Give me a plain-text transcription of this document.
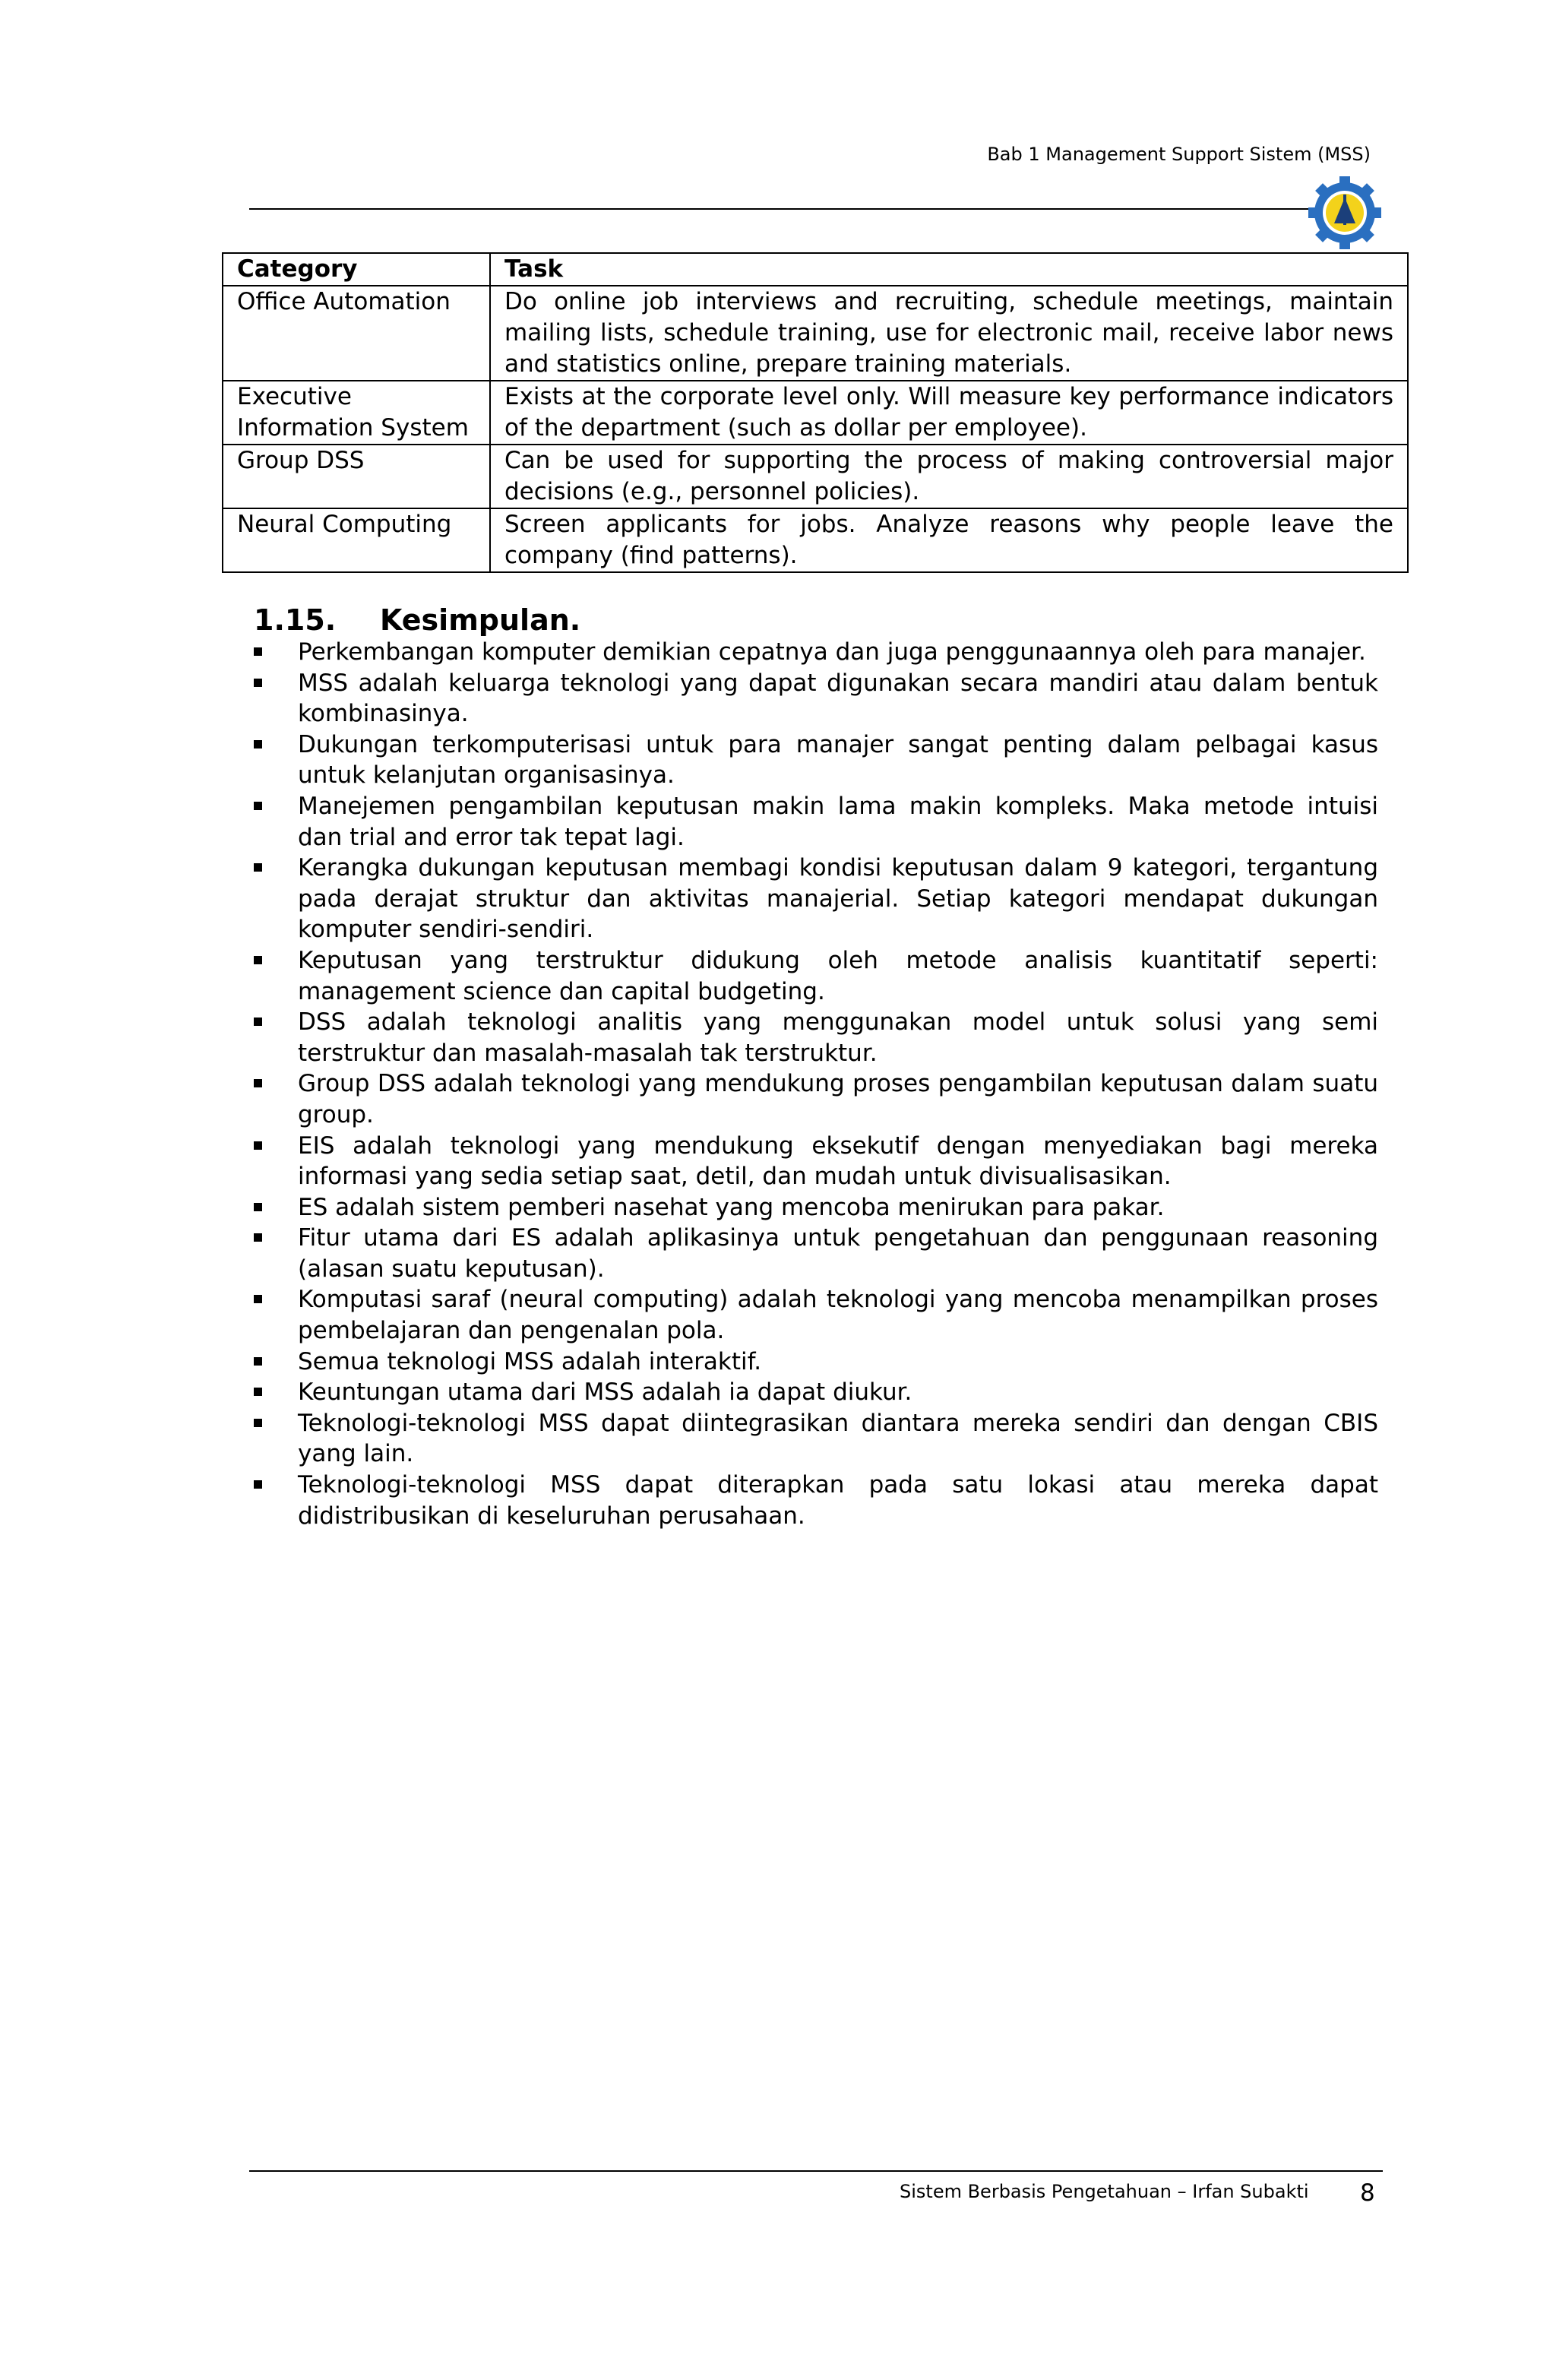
Bab 1 Management Support Sistem (MSS)
Category	Task
Office Automation	Do online job interviews and recruiting, schedule meetings, maintain mailing lists, schedule training, use for electronic mail, receive labor news and statistics online, prepare training materials.
Executive Information System	Exists at the corporate level only. Will measure key performance indicators of the department (such as dollar per employee).
Group DSS	Can be used for supporting the process of making controversial major decisions (e.g., personnel policies).
Neural Computing	Screen applicants for jobs. Analyze reasons why people leave the company (find patterns).
1.15. Kesimpulan.
Perkembangan komputer demikian cepatnya dan juga penggunaannya oleh para manajer.
MSS adalah keluarga teknologi yang dapat digunakan secara mandiri atau dalam bentuk kombinasinya.
Dukungan terkomputerisasi untuk para manajer sangat penting dalam pelbagai kasus untuk kelanjutan organisasinya.
Manejemen pengambilan keputusan makin lama makin kompleks. Maka metode intuisi dan trial and error tak tepat lagi.
Kerangka dukungan keputusan membagi kondisi keputusan dalam 9 kategori, tergantung pada derajat struktur dan aktivitas manajerial. Setiap kategori mendapat dukungan komputer sendiri-sendiri.
Keputusan yang terstruktur didukung oleh metode analisis kuantitatif seperti: management science dan capital budgeting.
DSS adalah teknologi analitis yang menggunakan model untuk solusi yang semi terstruktur dan masalah-masalah tak terstruktur.
Group DSS adalah teknologi yang mendukung proses pengambilan keputusan dalam suatu group.
EIS adalah teknologi yang mendukung eksekutif dengan menyediakan bagi mereka informasi yang sedia setiap saat, detil, dan mudah untuk divisualisasikan.
ES adalah sistem pemberi nasehat yang mencoba menirukan para pakar.
Fitur utama dari ES adalah aplikasinya untuk pengetahuan dan penggunaan reasoning (alasan suatu keputusan).
Komputasi saraf (neural computing) adalah teknologi yang mencoba menampilkan proses pembelajaran dan pengenalan pola.
Semua teknologi MSS adalah interaktif.
Keuntungan utama dari MSS adalah ia dapat diukur.
Teknologi-teknologi MSS dapat diintegrasikan diantara mereka sendiri dan dengan CBIS yang lain.
Teknologi-teknologi MSS dapat diterapkan pada satu lokasi atau mereka dapat didistribusikan di keseluruhan perusahaan.
Sistem Berbasis Pengetahuan – Irfan Subakti 8
